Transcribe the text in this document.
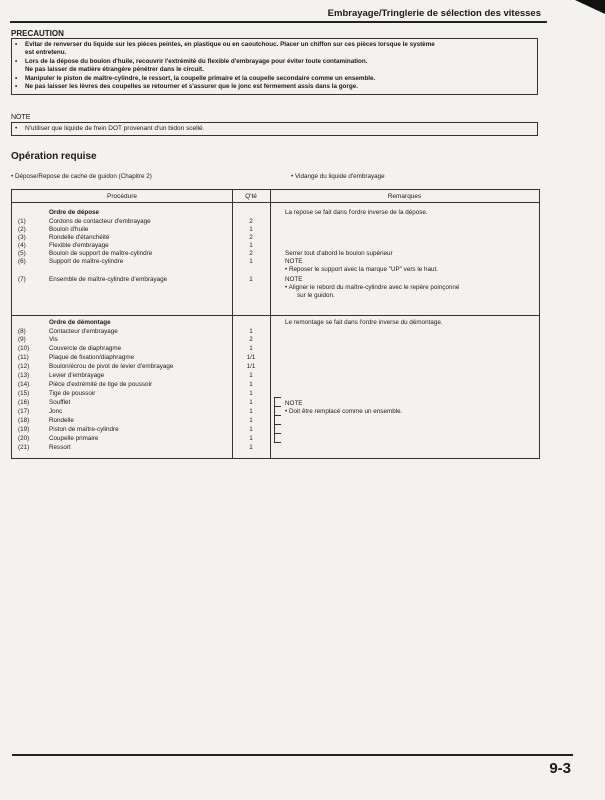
Embrayage/Tringlerie de sélection des vitesses
PRECAUTION
•	Evitar de renverser du liquide sur les pièces peintes, en plastique ou en caoutchouc. Placer un chiffon sur ces pièces lorsque le système
est entretenu.
•	Lors de la dépose du boulon d'huile, recouvrir l'extrémité du flexible d'embrayage pour éviter toute contamination.
Ne pas laisser de matière étrangère pénétrer dans le circuit.
•	Manipuler le piston de maître-cylindre, le ressort, la coupelle primaire et la coupelle secondaire comme un ensemble.
•	Ne pas laisser les lèvres des coupelles se retourner et s'assurer que le jonc est fermement assis dans la gorge.
NOTE
•	N'utiliser que liquide de frein DOT provenant d'un bidon scellé.
Opération requise
• Dépose/Repose de cache de guidon (Chapitre 2)	• Vidange du liquide d'embrayage
Procédure	Q'té	Remarques
Ordre de dépose	La repose se fait dans l'ordre inverse de la dépose.
(1)	Cordons de contacteur d'embrayage	2
(2)	Boulon d'huile	1
(3)	Rondelle d'étanchéité	2
(4)	Flexible d'embrayage	1
(5)	Boulon de support de maître-cylindre	2	Serrer tout d'abord le boulon supérieur
(6)	Support de maître-cylindre	1	NOTE
• Reposer le support avec la marque "UP" vers le haut.
(7)	Ensemble de maître-cylindre d'embrayage	1	NOTE
• Aligner le rebord du maître-cylindre avec le repère poinçonné
sur le guidon.
Ordre de démontage	Le remontage se fait dans l'ordre inverse du démontage.
(8)	Contacteur d'embrayage	1
(9)	Vis	2
(10)	Couvercle de diaphragme	1
(11)	Plaque de fixation/diaphragme	1/1
(12)	Boulon/écrou de pivot de levier d'embrayage	1/1
(13)	Levier d'embrayage	1
(14)	Pièce d'extrémité de tige de poussoir	1
(15)	Tige de poussoir	1
(16)	Soufflet	1
(17)	Jonc	1
(18)	Rondelle	1
(19)	Piston de maître-cylindre	1
(20)	Coupelle primaire	1
(21)	Ressort	1
NOTE
• Doit être remplacé comme un ensemble.
9-3
